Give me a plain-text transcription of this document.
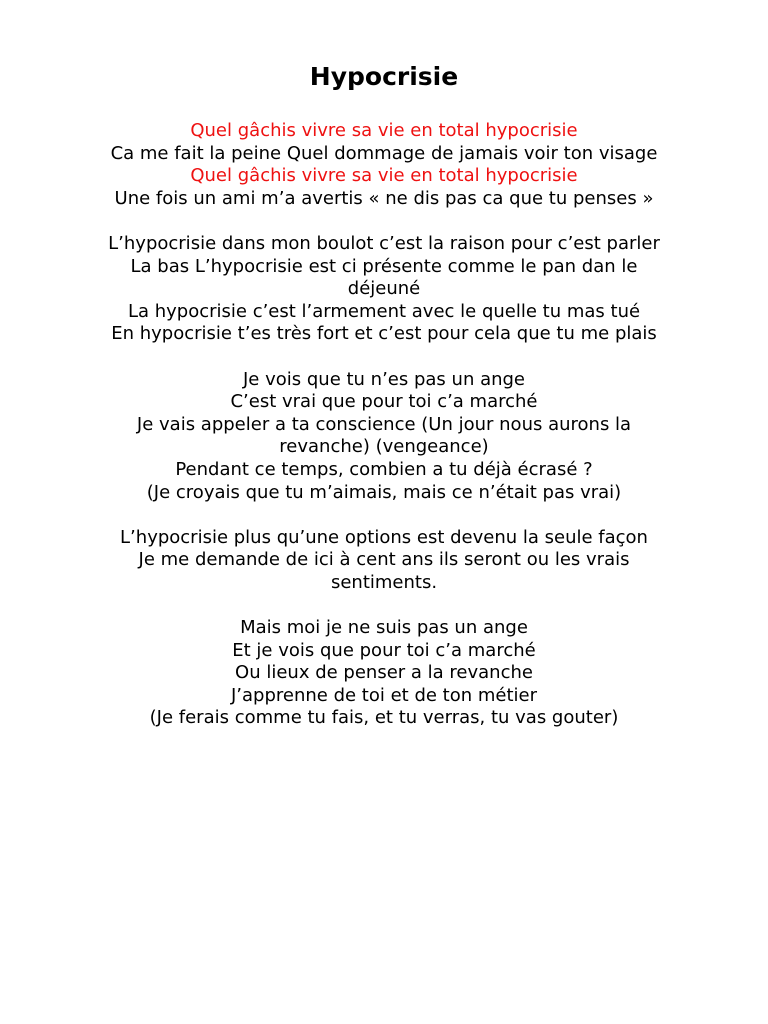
Hypocrisie
Quel gâchis vivre sa vie en total hypocrisie
Ca me fait la peine Quel dommage de jamais voir ton visage
Quel gâchis vivre sa vie en total hypocrisie
Une fois un ami m’a avertis « ne dis pas ca que tu penses »
L’hypocrisie dans mon boulot c’est la raison pour c’est parler
La bas L’hypocrisie est ci présente comme le pan dan le déjeuné
La hypocrisie c’est l’armement avec le quelle tu mas tué
En hypocrisie t’es très fort et c’est pour cela que tu me plais
Je vois que tu n’es pas un ange
C’est vrai que pour toi c’a marché
Je vais appeler a ta conscience (Un jour nous aurons la revanche) (vengeance)
Pendant ce temps, combien a tu déjà écrasé ?
(Je croyais que tu m’aimais, mais ce n’était pas vrai)
L’hypocrisie plus qu’une options est devenu la seule façon
Je me demande de ici à cent ans ils seront ou les vrais sentiments.
Mais moi je ne suis pas un ange
Et je vois que pour toi c’a marché
Ou lieux de penser a la revanche
J’apprenne de toi et de ton métier
(Je ferais comme tu fais, et tu verras, tu vas gouter)
